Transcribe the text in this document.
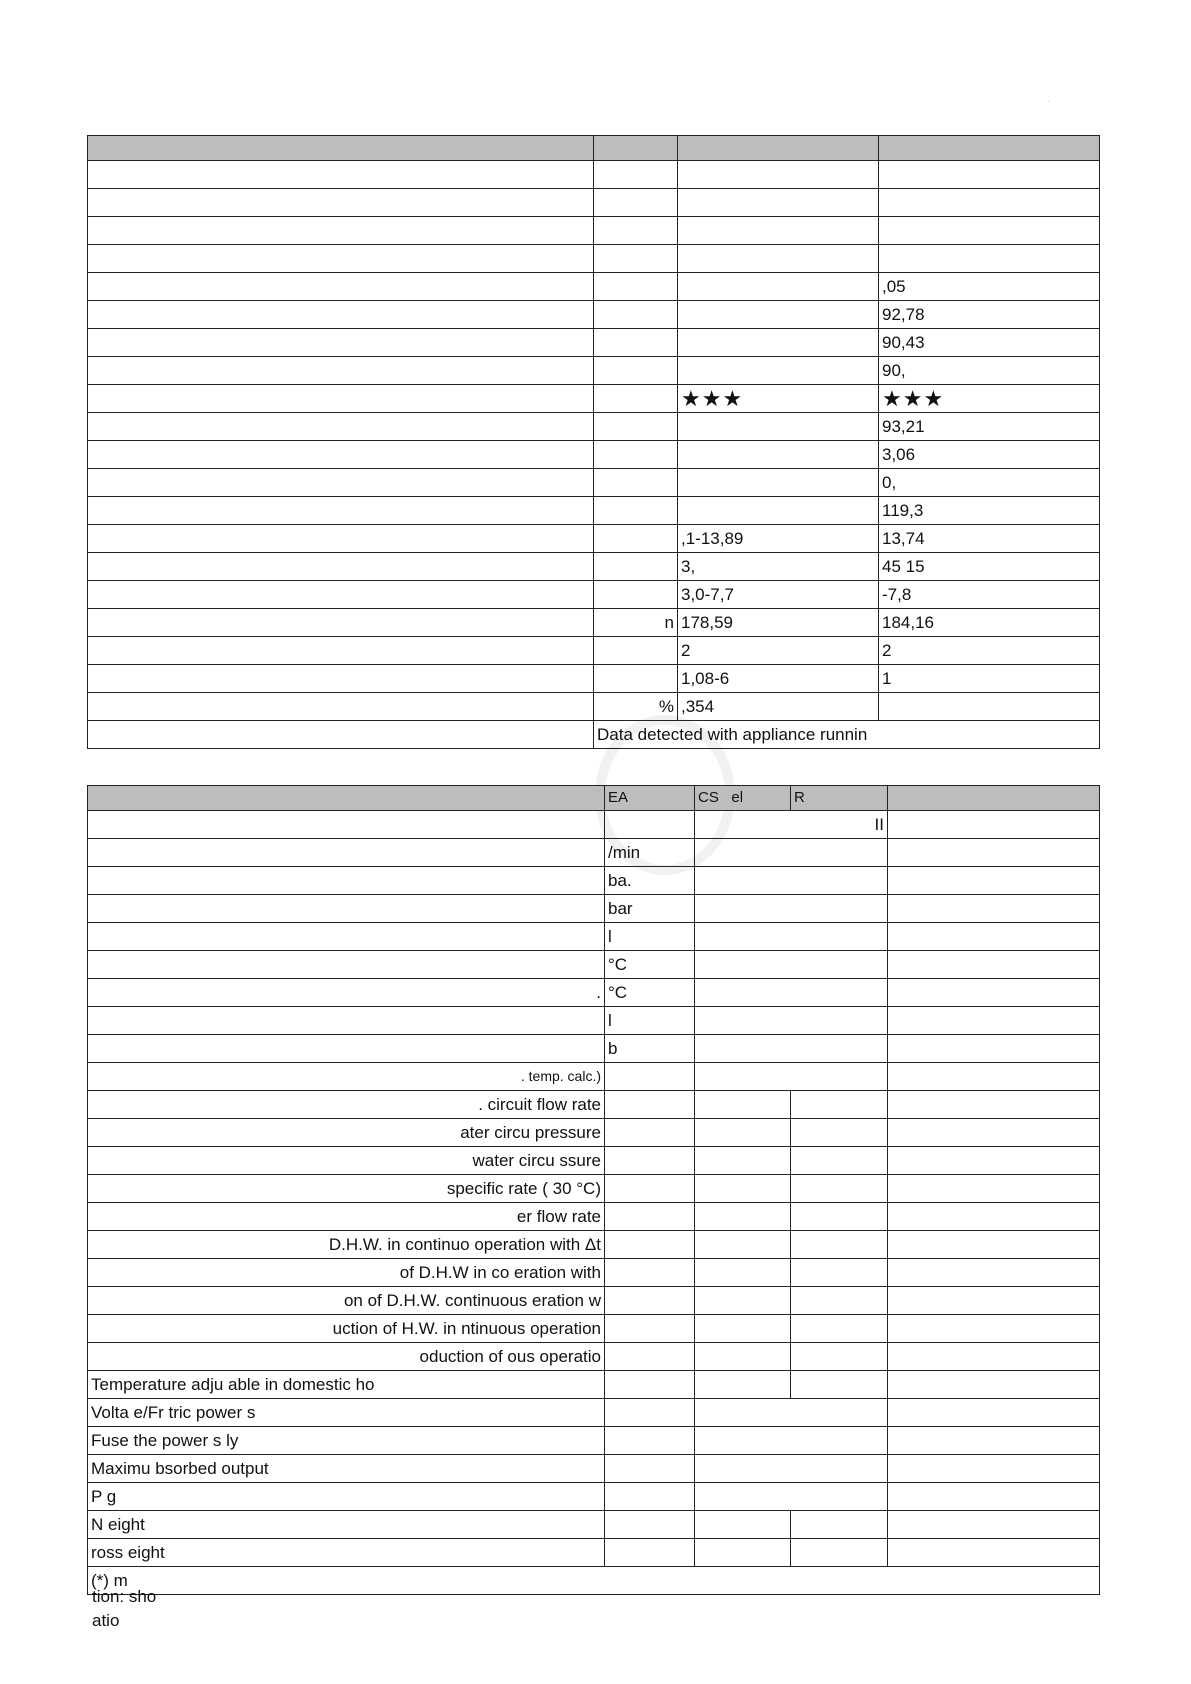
.

			,05
			92,78
			90,43
			90,
		★★★	★★★
			93,21
			3,06
			0,
			119,3
		,1-13,89	13,74
		3,	45 15
		3,0-7,7	-7,8
	n	178,59	184,16
		2	2
		1,08-6	1
	%	,354	
	Data detected with appliance runnin		
	EA	CS el	R	
		II		
	/min			
	ba.			
	bar			
	l			
	°C			
.	°C			
	l			
	b			
. temp. calc.)				
. circuit flow rate				
ater circu pressure				
water circu ssure				
specific rate ( 30 °C)				
er flow rate				
D.H.W. in continuo operation with Δt				
of D.H.W in co eration with				
on of D.H.W. continuous eration w				
uction of H.W. in ntinuous operation				
oduction of ous operatio				
Temperature adju able in domestic ho				
Volta e/Fr tric power s				
Fuse the power s ly				
Maximu bsorbed output				
P g				
N eight				
ross eight				
(*) m				
tion: sho
atio
